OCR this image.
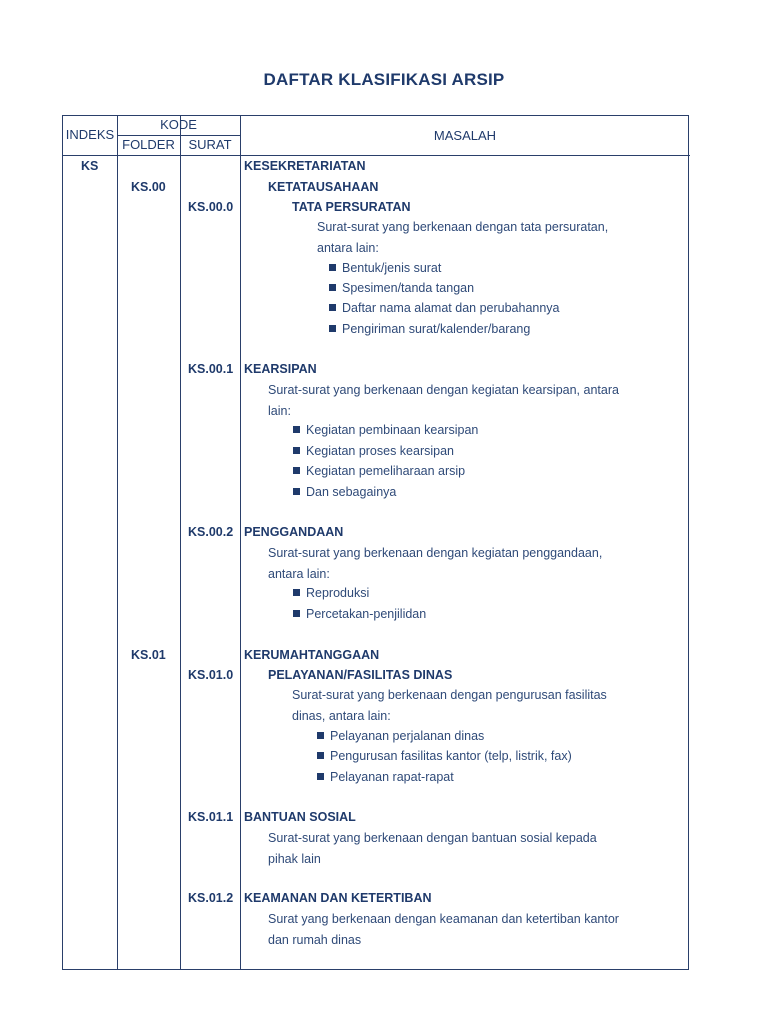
DAFTAR KLASIFIKASI ARSIP
INDEKS
KODE
FOLDER	SURAT
MASALAH
KS
KS.00
KS.01
KS.00.0
KS.00.1
KS.00.2
KS.01.0
KS.01.1
KS.01.2
KESEKRETARIATAN
KETATAUSAHAAN
TATA PERSURATAN
Surat-surat yang berkenaan dengan tata persuratan,
antara lain:
Bentuk/jenis surat
Spesimen/tanda tangan
Daftar nama alamat dan perubahannya
Pengiriman surat/kalender/barang
KEARSIPAN
Surat-surat yang berkenaan dengan kegiatan kearsipan, antara
lain:
Kegiatan pembinaan kearsipan
Kegiatan proses kearsipan
Kegiatan pemeliharaan arsip
Dan sebagainya
PENGGANDAAN
Surat-surat yang berkenaan dengan kegiatan penggandaan,
antara lain:
Reproduksi
Percetakan-penjilidan
KERUMAHTANGGAAN
PELAYANAN/FASILITAS DINAS
Surat-surat yang berkenaan dengan pengurusan fasilitas
dinas, antara lain:
Pelayanan perjalanan dinas
Pengurusan fasilitas kantor (telp, listrik, fax)
Pelayanan rapat-rapat
BANTUAN SOSIAL
Surat-surat yang berkenaan dengan bantuan sosial kepada
pihak lain
KEAMANAN DAN KETERTIBAN
Surat yang berkenaan dengan keamanan dan ketertiban kantor
dan rumah dinas
